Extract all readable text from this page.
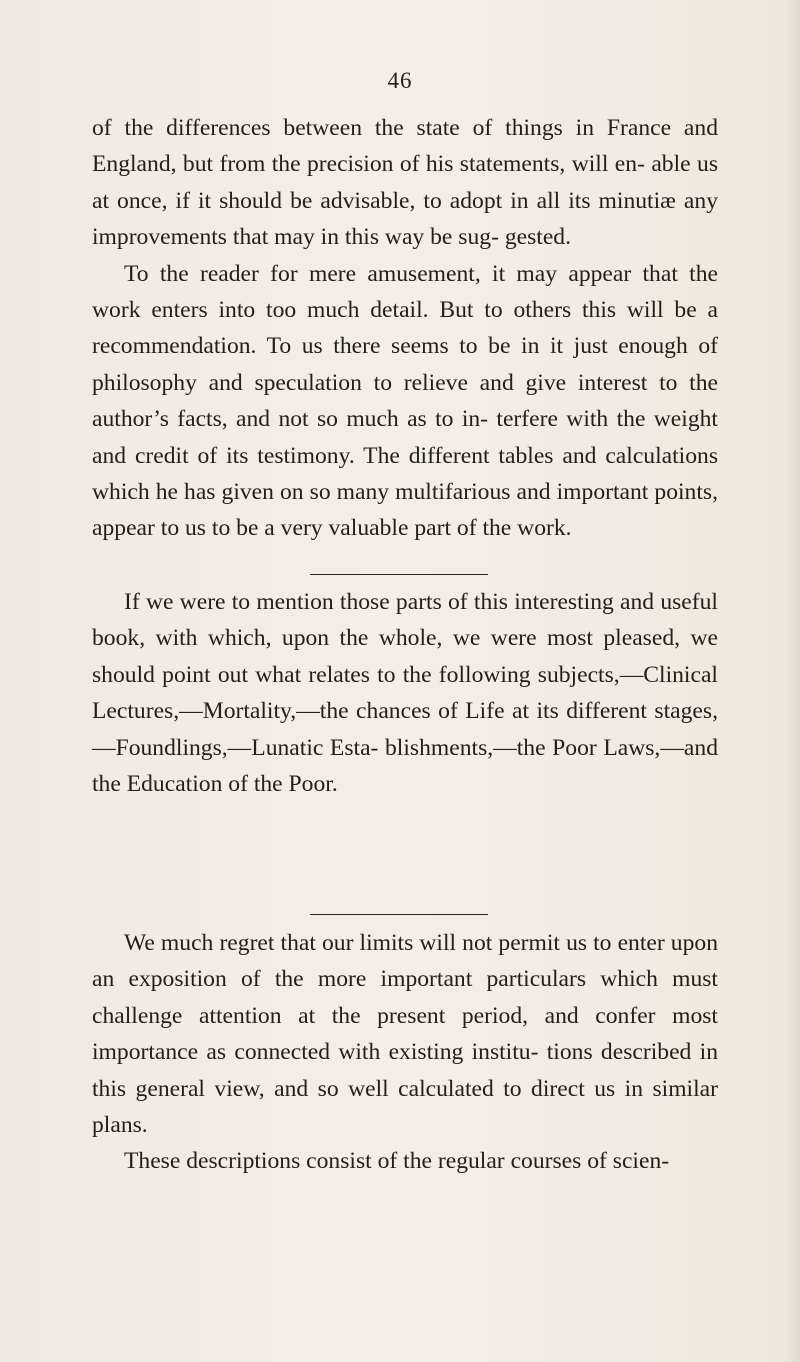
46

of the differences between the state of things in France and England, but from the precision of his statements, will en- able us at once, if it should be advisable, to adopt in all its minutiæ any improvements that may in this way be sug- gested.

To the reader for mere amusement, it may appear that the work enters into too much detail. But to others this will be a recommendation. To us there seems to be in it just enough of philosophy and speculation to relieve and give interest to the author’s facts, and not so much as to in- terfere with the weight and credit of its testimony. The different tables and calculations which he has given on so many multifarious and important points, appear to us to be a very valuable part of the work.

If we were to mention those parts of this interesting and useful book, with which, upon the whole, we were most pleased, we should point out what relates to the following subjects,—Clinical Lectures,—Mortality,—the chances of Life at its different stages,—Foundlings,—Lunatic Esta- blishments,—the Poor Laws,—and the Education of the Poor.

We much regret that our limits will not permit us to enter upon an exposition of the more important particulars which must challenge attention at the present period, and confer most importance as connected with existing institu- tions described in this general view, and so well calculated to direct us in similar plans.

These descriptions consist of the regular courses of scien-
